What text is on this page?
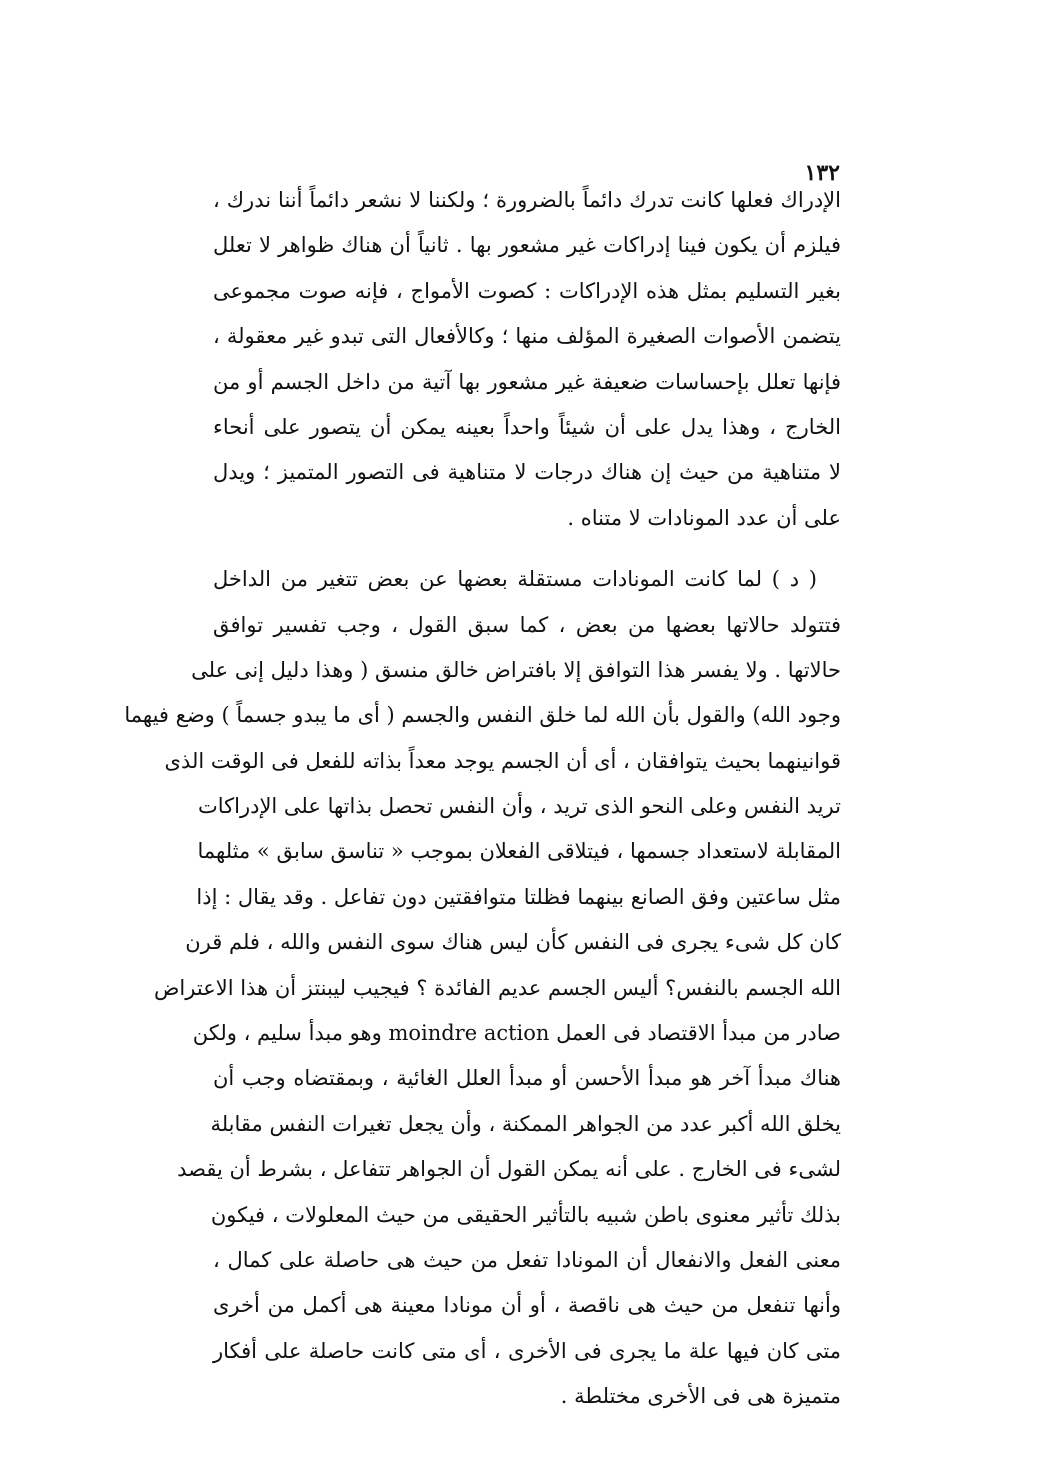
١٣٢
الإدراك فعلها كانت تدرك دائماً بالضرورة ؛ ولكننا لا نشعر دائماً أننا ندرك ،
فيلزم أن يكون فينا إدراكات غير مشعور بها . ثانياً أن هناك ظواهر لا تعلل
بغير التسليم بمثل هذه الإدراكات : كصوت الأمواج ، فإنه صوت مجموعى
يتضمن الأصوات الصغيرة المؤلف منها ؛ وكالأفعال التى تبدو غير معقولة ،
فإنها تعلل بإحساسات ضعيفة غير مشعور بها آتية من داخل الجسم أو من
الخارج ، وهذا يدل على أن شيئاً واحداً بعينه يمكن أن يتصور على أنحاء
لا متناهية من حيث إن هناك درجات لا متناهية فى التصور المتميز ؛ ويدل
على أن عدد المونادات لا متناه .
( د ) لما كانت المونادات مستقلة بعضها عن بعض تتغير من الداخل
فتتولد حالاتها بعضها من بعض ، كما سبق القول ، وجب تفسير توافق
حالاتها . ولا يفسر هذا التوافق إلا بافتراض خالق منسق ( وهذا دليل إنى على
وجود الله) والقول بأن الله لما خلق النفس والجسم ( أى ما يبدو جسماً ) وضع فيهما
قوانينهما بحيث يتوافقان ، أى أن الجسم يوجد معداً بذاته للفعل فى الوقت الذى
تريد النفس وعلى النحو الذى تريد ، وأن النفس تحصل بذاتها على الإدراكات
المقابلة لاستعداد جسمها ، فيتلاقى الفعلان بموجب « تناسق سابق » مثلهما
مثل ساعتين وفق الصانع بينهما فظلتا متوافقتين دون تفاعل . وقد يقال : إذا
كان كل شىء يجرى فى النفس كأن ليس هناك سوى النفس والله ، فلم قرن
الله الجسم بالنفس؟ أليس الجسم عديم الفائدة ؟ فيجيب ليبنتز أن هذا الاعتراض
صادر من مبدأ الاقتصاد فى العمل moindre action وهو مبدأ سليم ، ولكن
هناك مبدأ آخر هو مبدأ الأحسن أو مبدأ العلل الغائية ، وبمقتضاه وجب أن
يخلق الله أكبر عدد من الجواهر الممكنة ، وأن يجعل تغيرات النفس مقابلة
لشىء فى الخارج . على أنه يمكن القول أن الجواهر تتفاعل ، بشرط أن يقصد
بذلك تأثير معنوى باطن شبيه بالتأثير الحقيقى من حيث المعلولات ، فيكون
معنى الفعل والانفعال أن المونادا تفعل من حيث هى حاصلة على كمال ،
وأنها تنفعل من حيث هى ناقصة ، أو أن مونادا معينة هى أكمل من أخرى
متى كان فيها علة ما يجرى فى الأخرى ، أى متى كانت حاصلة على أفكار
متميزة هى فى الأخرى مختلطة .
